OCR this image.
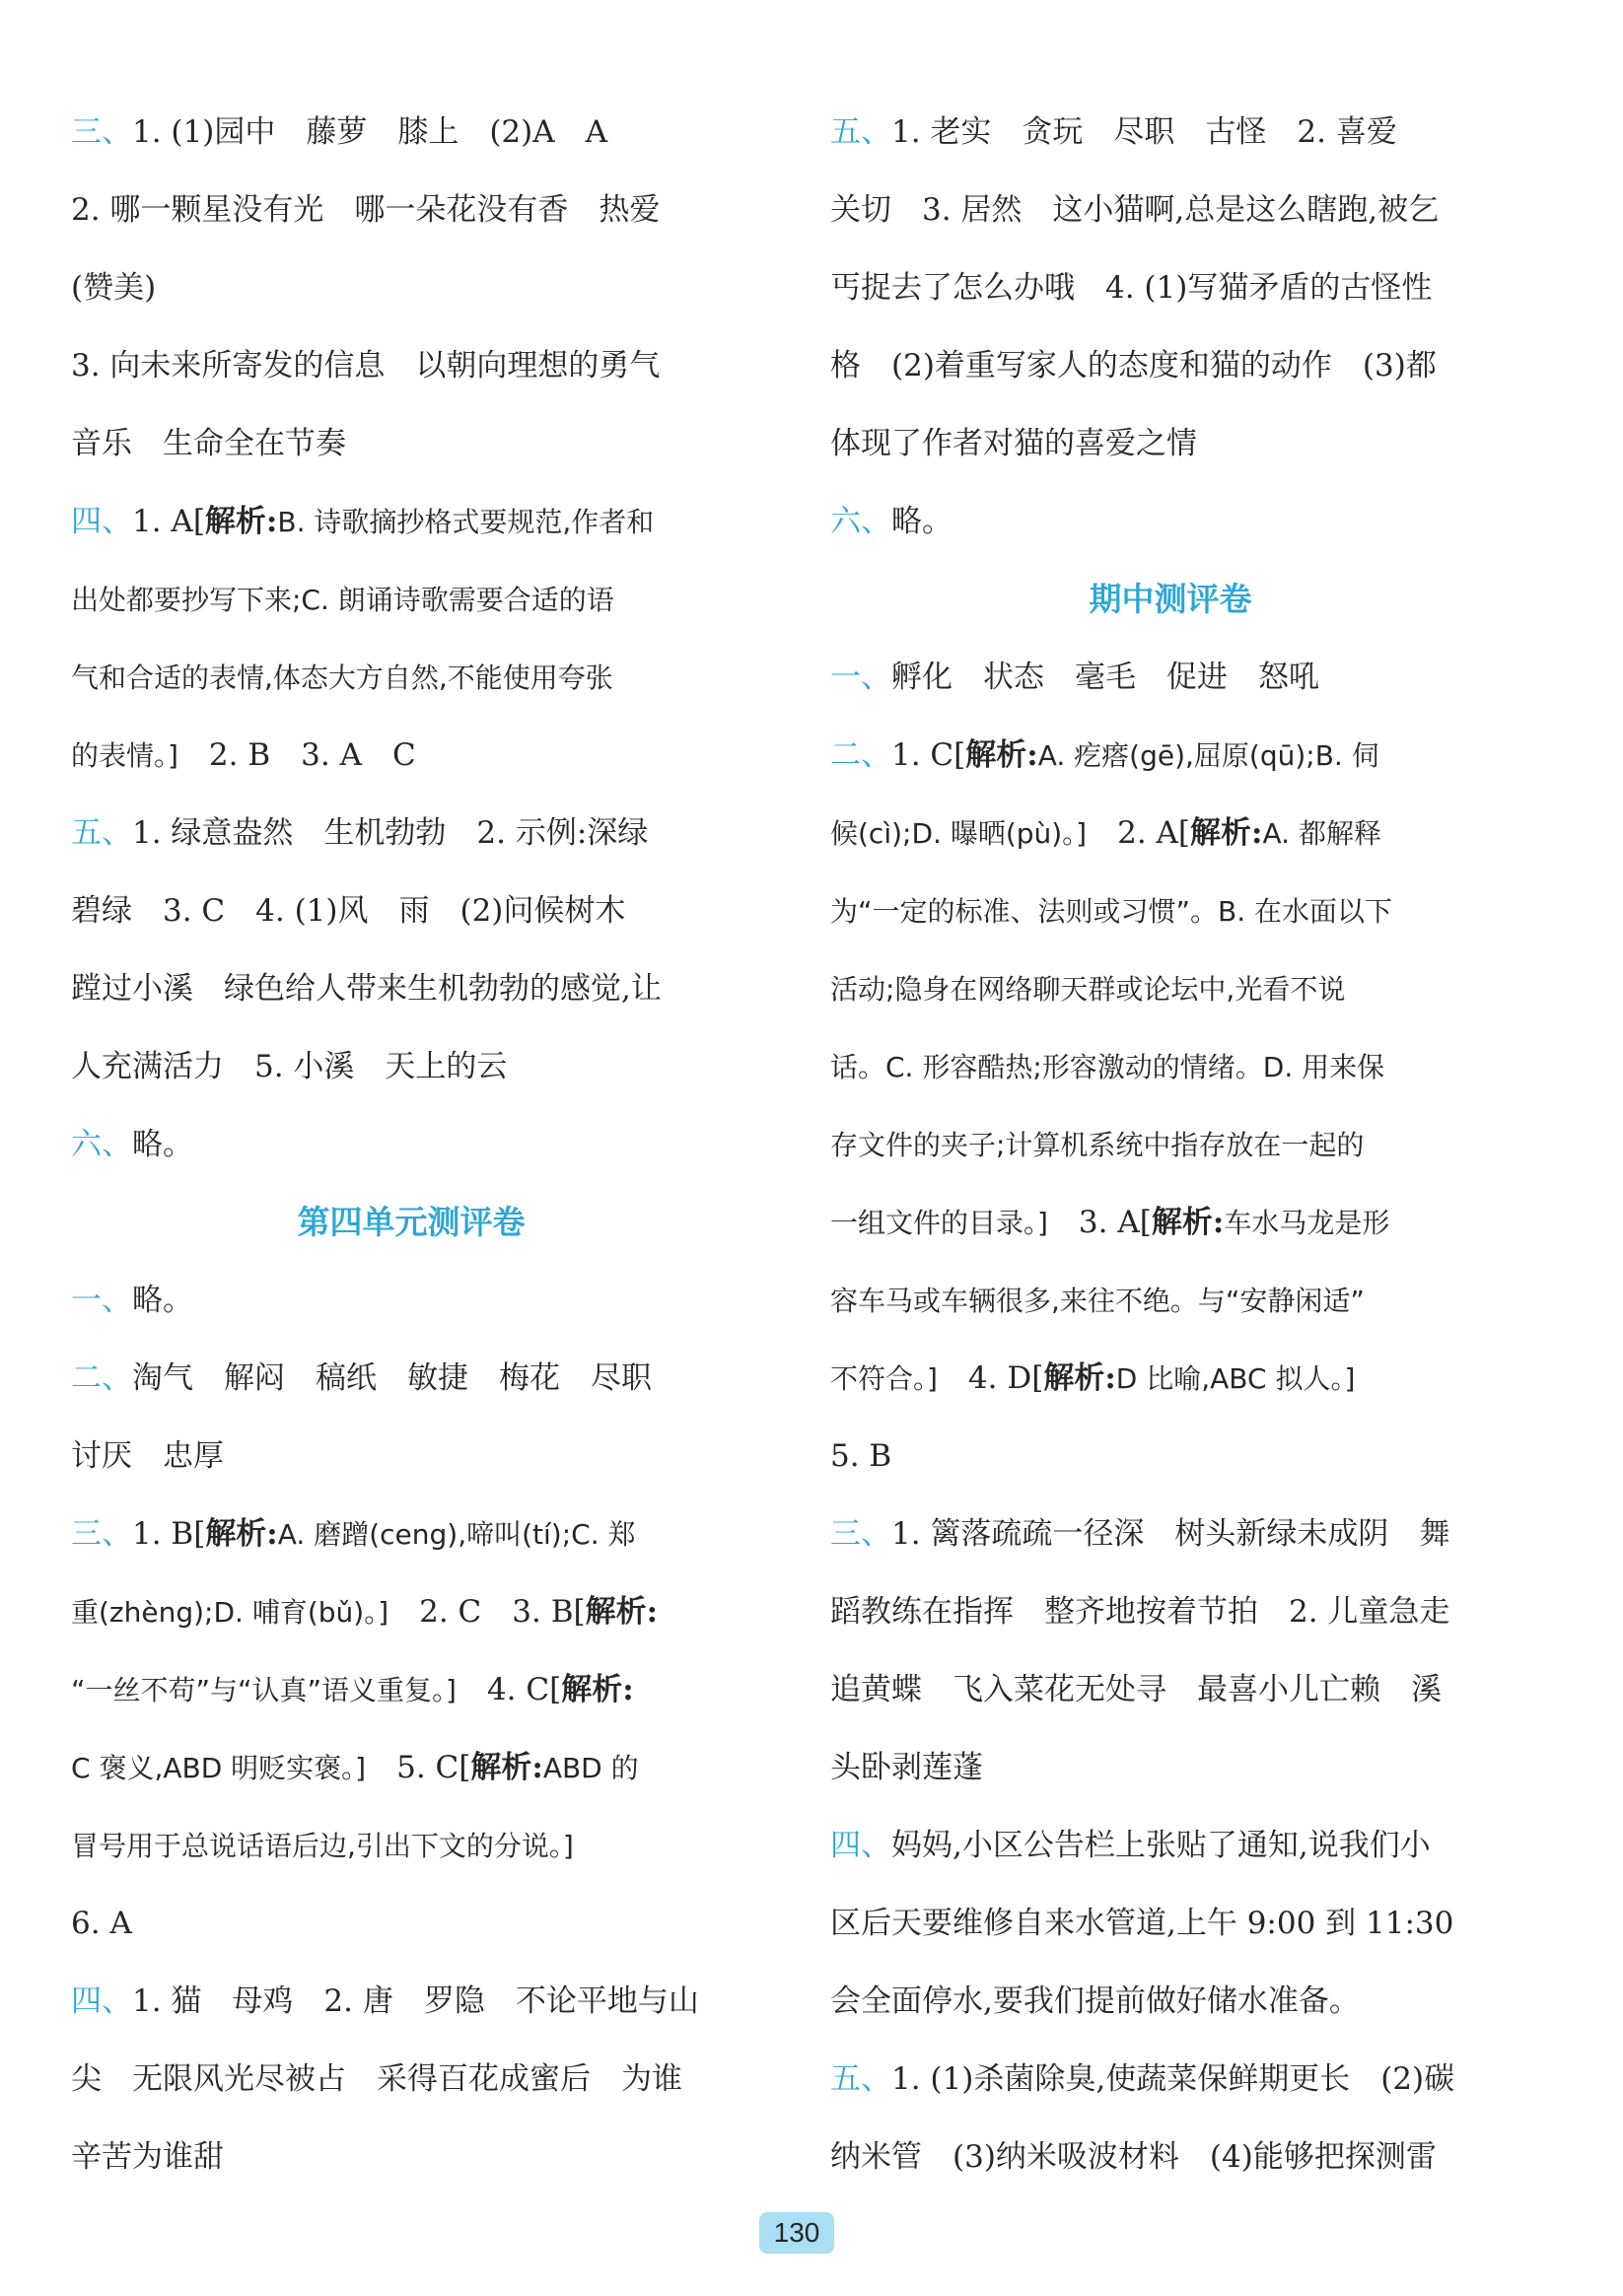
三、1. (1)园中　藤萝　膝上　(2)A　A
2. 哪一颗星没有光　哪一朵花没有香　热爱
(赞美)
3. 向未来所寄发的信息　以朝向理想的勇气
音乐　生命全在节奏
四、1. A[解析:B. 诗歌摘抄格式要规范,作者和
出处都要抄写下来;C. 朗诵诗歌需要合适的语
气和合适的表情,体态大方自然,不能使用夸张
的表情。]　2. B　3. A　C
五、1. 绿意盎然　生机勃勃　2. 示例:深绿
碧绿　3. C　4. (1)风　雨　(2)问候树木
蹚过小溪　绿色给人带来生机勃勃的感觉,让
人充满活力　5. 小溪　天上的云
六、略。
第四单元测评卷
一、略。
二、淘气　解闷　稿纸　敏捷　梅花　尽职
讨厌　忠厚
三、1. B[解析:A. 磨蹭(ceng),啼叫(tí);C. 郑
重(zhèng);D. 哺育(bǔ)。]　2. C　3. B[解析:
“一丝不苟”与“认真”语义重复。]　4. C[解析:
C 褒义,ABD 明贬实褒。]　5. C[解析:ABD 的
冒号用于总说话语后边,引出下文的分说。]
6. A
四、1. 猫　母鸡　2. 唐　罗隐　不论平地与山
尖　无限风光尽被占　采得百花成蜜后　为谁
辛苦为谁甜
五、1. 老实　贪玩　尽职　古怪　2. 喜爱
关切　3. 居然　这小猫啊,总是这么瞎跑,被乞
丐捉去了怎么办哦　4. (1)写猫矛盾的古怪性
格　(2)着重写家人的态度和猫的动作　(3)都
体现了作者对猫的喜爱之情
六、略。
期中测评卷
一、孵化　状态　毫毛　促进　怒吼
二、1. C[解析:A. 疙瘩(gē),屈原(qū);B. 伺
候(cì);D. 曝晒(pù)。]　2. A[解析:A. 都解释
为“一定的标准、法则或习惯”。B. 在水面以下
活动;隐身在网络聊天群或论坛中,光看不说
话。C. 形容酷热;形容激动的情绪。D. 用来保
存文件的夹子;计算机系统中指存放在一起的
一组文件的目录。]　3. A[解析:车水马龙是形
容车马或车辆很多,来往不绝。与“安静闲适”
不符合。]　4. D[解析:D 比喻,ABC 拟人。]
5. B
三、1. 篱落疏疏一径深　树头新绿未成阴　舞
蹈教练在指挥　整齐地按着节拍　2. 儿童急走
追黄蝶　飞入菜花无处寻　最喜小儿亡赖　溪
头卧剥莲蓬
四、妈妈,小区公告栏上张贴了通知,说我们小
区后天要维修自来水管道,上午 9:00 到 11:30
会全面停水,要我们提前做好储水准备。
五、1. (1)杀菌除臭,使蔬菜保鲜期更长　(2)碳
纳米管　(3)纳米吸波材料　(4)能够把探测雷
130
